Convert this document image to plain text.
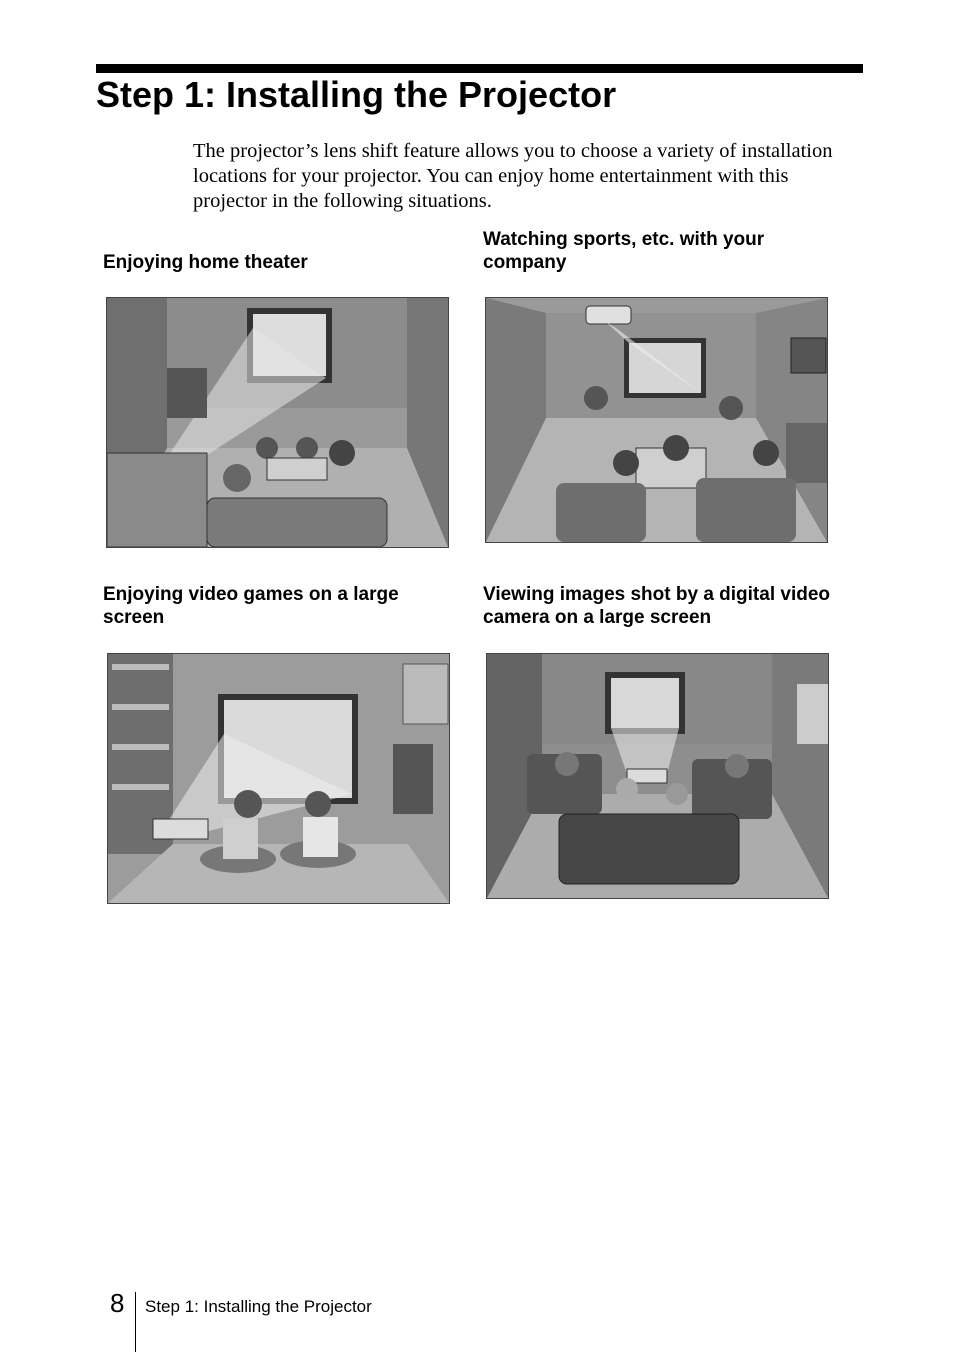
Step 1: Installing the Projector

The projector’s lens shift feature allows you to choose a variety of installation locations for your projector. You can enjoy home entertainment with this projector in the following situations.

Enjoying home theater

Watching sports, etc. with your company

Enjoying video games on a large screen

Viewing images shot by a digital video camera on a large screen

8 Step 1: Installing the Projector
